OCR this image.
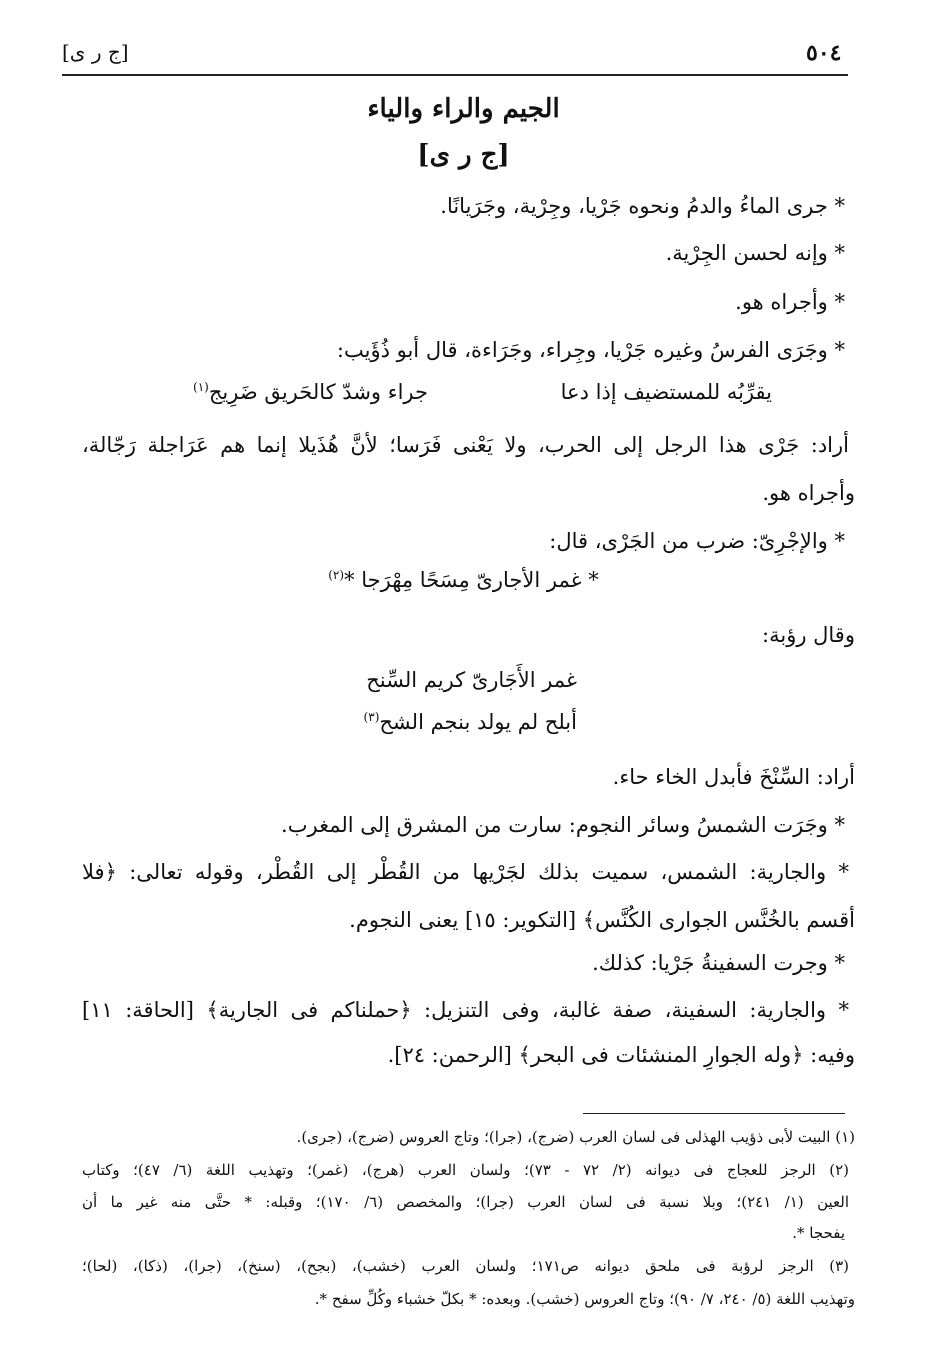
٥٠٤
[ج ر ى]
الجيم والراء والياء
[ج ر ى]
* جرى الماءُ والدمُ ونحوه جَرْيا، وجِرْية، وجَرَيانًا.
* وإنه لحسن الجِرْية.
* وأجراه هو.
* وجَرَى الفرسُ وغيره جَرْيا، وجِراء، وجَرَاءة، قال أبو ذُؤَيب:
جراء وشدّ كالحَريق ضَرِيج$^{(١)}$	يقرِّبُه للمستضيف إذا دعا
أراد: جَرْى هذا الرجل إلى الحرب، ولا يَعْنى فَرَسا؛ لأنَّ هُذَيلا إنما هم عَرَاجلة رَجّالة،
وأجراه هو.
* والإجْرِىّ: ضرب من الجَرْى، قال:
* غمر الأجارىّ مِسَحًا مِهْرَجا *$^{(٢)}$
وقال رؤبة:
غمر الأَجَارىّ كريم السِّنح
أبلح لم يولد بنجم الشح$^{(٣)}$
أراد: السِّنْخَ فأبدل الخاء حاء.
* وجَرَت الشمسُ وسائر النجوم: سارت من المشرق إلى المغرب.
* والجارية: الشمس، سميت بذلك لجَرْيها من القُطْر إلى القُطْر، وقوله تعالى: ﴿فلا
أقسم بالخُنَّس الجوارى الكُنَّس﴾ [التكوير: ١٥] يعنى النجوم.
* وجرت السفينةُ جَرْيا: كذلك.
* والجارية: السفينة، صفة غالبة، وفى التنزيل: ﴿حملناكم فى الجارية﴾ [الحاقة: ١١]
وفيه: ﴿وله الجوارِ المنشئات فى البحر﴾ [الرحمن: ٢٤].
(١) البيت لأبى ذؤيب الهذلى فى لسان العرب (ضرج)، (جرا)؛ وتاج العروس (ضرج)، (جرى).
(٢) الرجز للعجاج فى ديوانه (٢/ ٧٢ - ٧٣)؛ ولسان العرب (هرج)، (غمر)؛ وتهذيب اللغة (٦/ ٤٧)؛ وكتاب
العين (١/ ٢٤١)؛ وبلا نسبة فى لسان العرب (جرا)؛ والمخصص (٦/ ١٧٠)؛ وقبله: * حتَّى منه غير ما أن
يفحجا *.
(٣) الرجز لرؤبة فى ملحق ديوانه ص١٧١؛ ولسان العرب (خشب)، (بجح)، (سنخ)، (جرا)، (ذكا)، (لحا)؛
وتهذيب اللغة (٥/ ٢٤٠، ٧/ ٩٠)؛ وتاج العروس (خشب). وبعده: * بكلّ خشباء وكُلِّ سفح *.
